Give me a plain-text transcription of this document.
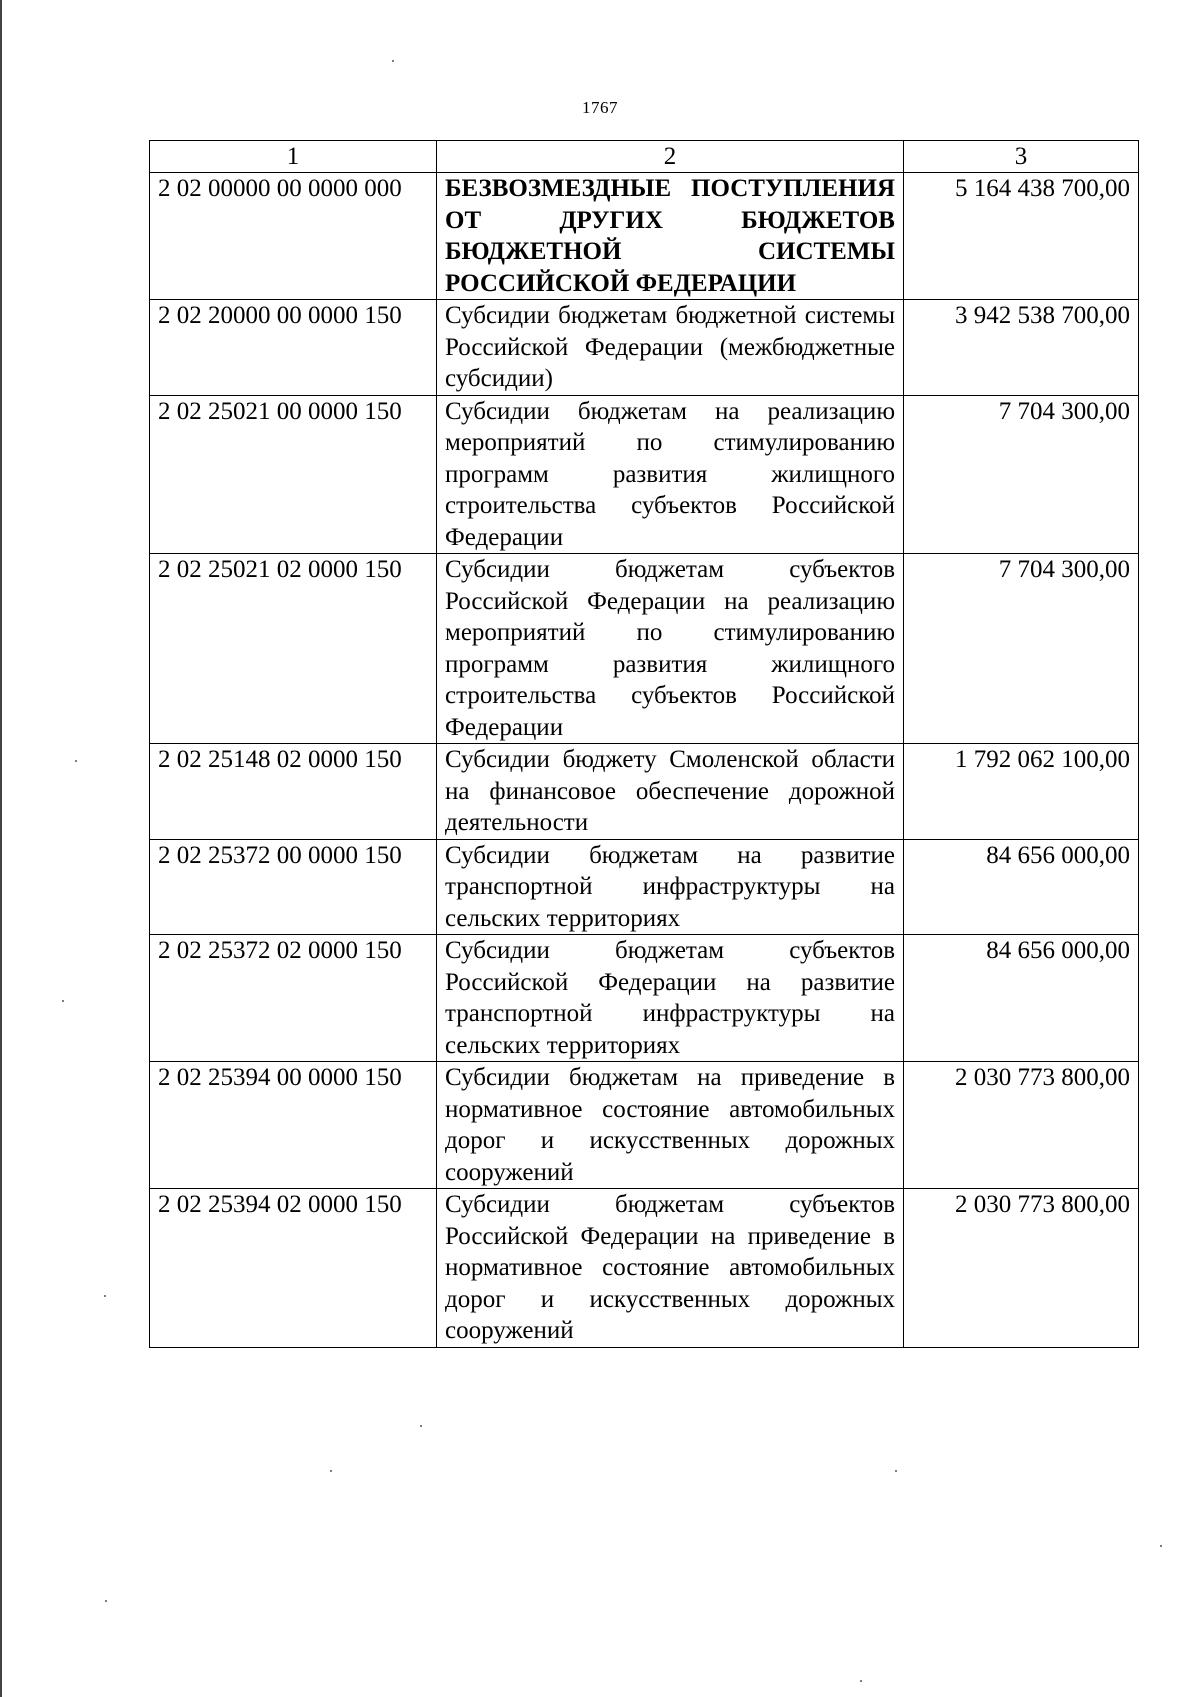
1767
1	2	3
2 02 00000 00 0000 000	БЕЗВОЗМЕЗДНЫЕ ПОСТУПЛЕНИЯ ОТ ДРУГИХ БЮДЖЕТОВ БЮДЖЕТНОЙ СИСТЕМЫ РОССИЙСКОЙ ФЕДЕРАЦИИ	5 164 438 700,00
2 02 20000 00 0000 150	Субсидии бюджетам бюджетной системы Российской Федерации (межбюджетные субсидии)	3 942 538 700,00
2 02 25021 00 0000 150	Субсидии бюджетам на реализацию мероприятий по стимулированию программ развития жилищного строительства субъектов Российской Федерации	7 704 300,00
2 02 25021 02 0000 150	Субсидии бюджетам субъектов Российской Федерации на реализацию мероприятий по стимулированию программ развития жилищного строительства субъектов Российской Федерации	7 704 300,00
2 02 25148 02 0000 150	Субсидии бюджету Смоленской области на финансовое обеспечение дорожной деятельности	1 792 062 100,00
2 02 25372 00 0000 150	Субсидии бюджетам на развитие транспортной инфраструктуры на сельских территориях	84 656 000,00
2 02 25372 02 0000 150	Субсидии бюджетам субъектов Российской Федерации на развитие транспортной инфраструктуры на сельских территориях	84 656 000,00
2 02 25394 00 0000 150	Субсидии бюджетам на приведение в нормативное состояние автомобильных дорог и искусственных дорожных сооружений	2 030 773 800,00
2 02 25394 02 0000 150	Субсидии бюджетам субъектов Российской Федерации на приведение в нормативное состояние автомобильных дорог и искусственных дорожных сооружений	2 030 773 800,00
